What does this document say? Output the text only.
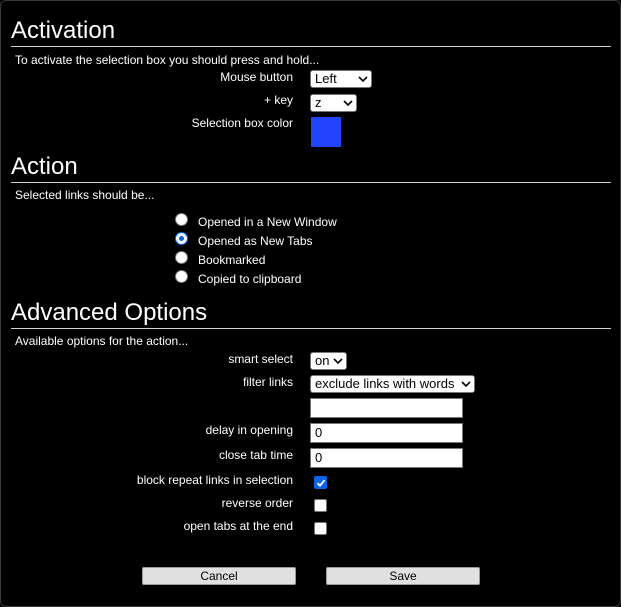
Activation
To activate the selection box you should press and hold...
Mouse button	Left
+ key	z
Selection box color
Action
Selected links should be...
Opened in a New Window
Opened as New Tabs
Bookmarked
Copied to clipboard
Advanced Options
Available options for the action...
smart select	on
filter links	exclude links with words
delay in opening	0
close tab time	0
block repeat links in selection
reverse order
open tabs at the end
Cancel	Save
